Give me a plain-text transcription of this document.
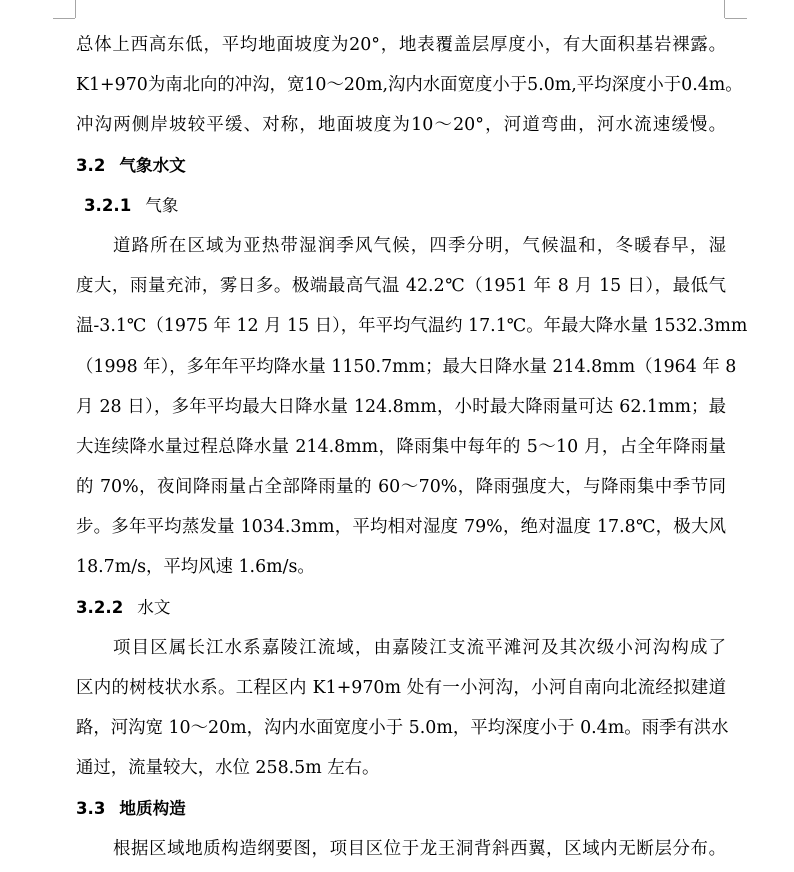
总体上西高东低，平均地面坡度为20°，地表覆盖层厚度小，有大面积基岩裸露。
K1+970为南北向的冲沟，宽10～20m,沟内水面宽度小于5.0m,平均深度小于0.4m。
冲沟两侧岸坡较平缓、对称，地面坡度为10～20°，河道弯曲，河水流速缓慢。
3.2 气象水文
3.2.1 气象
道路所在区域为亚热带湿润季风气候，四季分明，气候温和，冬暖春早，湿
度大，雨量充沛，雾日多。极端最高气温 42.2℃（1951 年 8 月 15 日），最低气
温-3.1℃（1975 年 12 月 15 日），年平均气温约 17.1℃。年最大降水量 1532.3mm
（1998 年），多年年平均降水量 1150.7mm；最大日降水量 214.8mm（1964 年 8
月 28 日），多年平均最大日降水量 124.8mm，小时最大降雨量可达 62.1mm；最
大连续降水量过程总降水量 214.8mm，降雨集中每年的 5～10 月，占全年降雨量
的 70%，夜间降雨量占全部降雨量的 60～70%，降雨强度大，与降雨集中季节同
步。多年平均蒸发量 1034.3mm，平均相对湿度 79%，绝对温度 17.8℃，极大风
18.7m/s，平均风速 1.6m/s。
3.2.2 水文
项目区属长江水系嘉陵江流域，由嘉陵江支流平滩河及其次级小河沟构成了
区内的树枝状水系。工程区内 K1+970m 处有一小河沟，小河自南向北流经拟建道
路，河沟宽 10～20m，沟内水面宽度小于 5.0m，平均深度小于 0.4m。雨季有洪水
通过，流量较大，水位 258.5m 左右。
3.3 地质构造
根据区域地质构造纲要图，项目区位于龙王洞背斜西翼，区域内无断层分布。
